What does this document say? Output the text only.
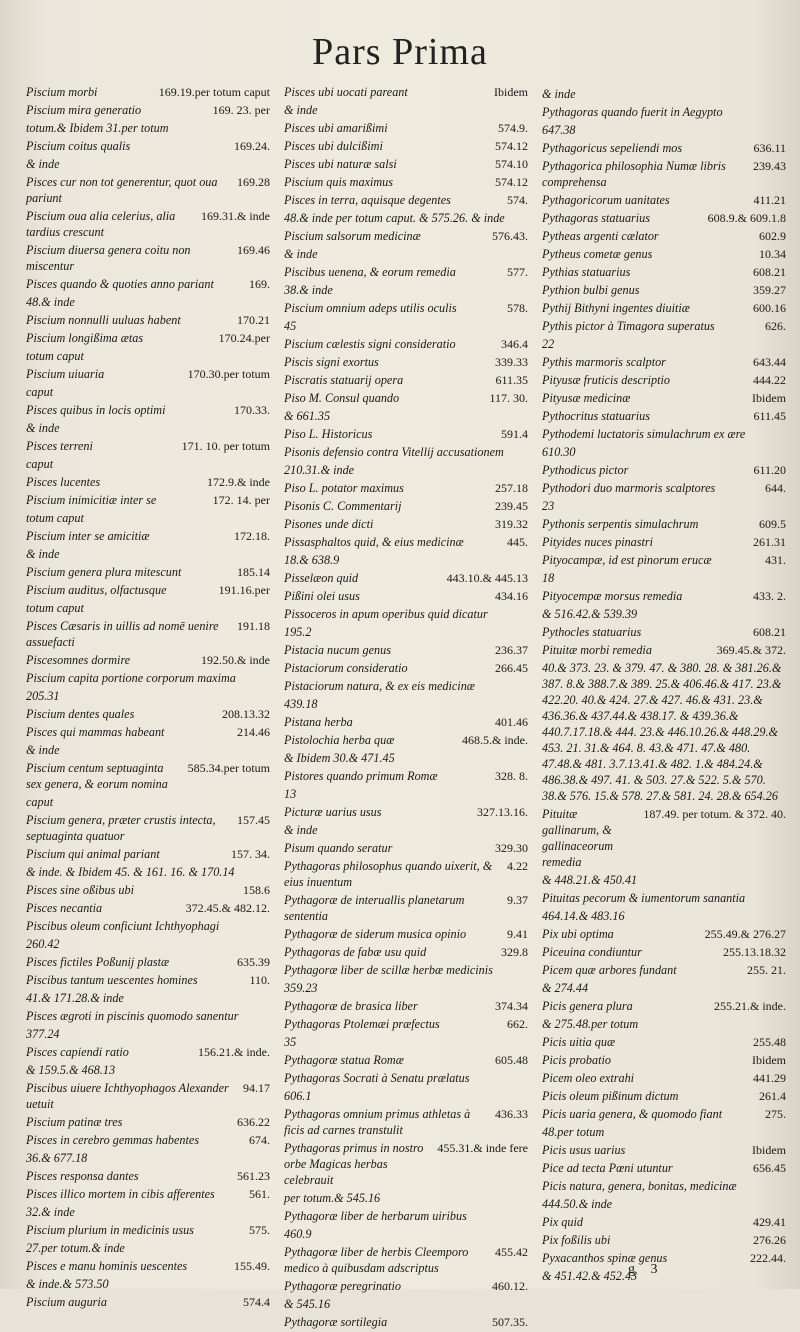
Pars Prima
Piscium morbi	169.19.per totum caput
Piscium mira generatio	169. 23. per
totum.& Ibidem 31.per totum
Piscium coitus qualis	169.24.
& inde
Pisces cur non tot generentur, quot oua pariunt
169.28
Piscium oua alia celerius, alia tardius crescunt
169.31.& inde
Piscium diuersa genera coitu non miscentur
169.46
Pisces quando & quoties anno pariant	169.
48.& inde
Piscium nonnulli uuluas habent	170.21
Piscium longißima ætas	170.24.per
totum caput
Piscium uiuaria	170.30.per totum
caput
Pisces quibus in locis optimi	170.33.
& inde
Pisces terreni	171. 10. per totum
caput
Pisces lucentes	172.9.& inde
Piscium inimicitiæ inter se	172. 14. per
totum caput
Piscium inter se amicitiæ	172.18.
& inde
Piscium genera plura mitescunt	185.14
Piscium auditus, olfactusque	191.16.per
totum caput
Pisces Cæsaris in uillis ad nomē uenire assuefacti
191.18
Piscesomnes dormire	192.50.& inde
Piscium capita portione corporum maxima
205.31
Piscium dentes quales	208.13.32
Pisces qui mammas habeant	214.46
& inde
Piscium centum septuaginta sex genera, & eorum nomina
585.34.per totum
caput
Piscium genera, præter crustis intecta, septuaginta quatuor
157.45
Piscium qui animal pariant	157. 34.
& inde. & Ibidem 45. & 161. 16. & 170.14
Pisces sine oßibus ubi	158.6
Pisces necantia	372.45.& 482.12.
Piscibus oleum conficiunt Ichthyophagi
260.42
Pisces fictiles Poßunij plastæ	635.39
Piscibus tantum uescentes homines	110.
41.& 171.28.& inde
Pisces ægroti in piscinis quomodo sanentur
377.24
Pisces capiendi ratio	156.21.& inde.
& 159.5.& 468.13
Piscibus uiuere Ichthyophagos Alexander uetuit
94.17
Piscium patinæ tres	636.22
Pisces in cerebro gemmas habentes	674.
36.& 677.18
Pisces responsa dantes	561.23
Pisces illico mortem in cibis afferentes	561.
32.& inde
Piscium plurium in medicinis usus	575.
27.per totum.& inde
Pisces e manu hominis uescentes	155.49.
& inde.& 573.50
Piscium auguria	574.4
Pisces ubi uocati pareant	Ibidem
& inde
Pisces ubi amarißimi	574.9.
Pisces ubi dulcißimi	574.12
Pisces ubi naturæ salsi	574.10
Piscium quis maximus	574.12
Pisces in terra, aquisque degentes	574.
48.& inde per totum caput. & 575.26. & inde
Piscium salsorum medicinæ	576.43.
& inde
Piscibus uenena, & eorum remedia	577.
38.& inde
Piscium omnium adeps utilis oculis	578.
45
Piscium cælestis signi consideratio	346.4
Piscis signi exortus	339.33
Piscratis statuarij opera	611.35
Piso M. Consul quando	117. 30.
& 661.35
Piso L. Historicus	591.4
Pisonis defensio contra Vitellij accusationem
210.31.& inde
Piso L. potator maximus	257.18
Pisonis C. Commentarij	239.45
Pisones unde dicti	319.32
Pissasphaltos quid, & eius medicinæ	445.
18.& 638.9
Pisselæon quid	443.10.& 445.13
Pißini olei usus	434.16
Pissoceros in apum operibus quid dicatur
195.2
Pistacia nucum genus	236.37
Pistaciorum consideratio	266.45
Pistaciorum natura, & ex eis medicinæ
439.18
Pistana herba	401.46
Pistolochia herba quæ	468.5.& inde.
& Ibidem 30.& 471.45
Pistores quando primum Romæ	328. 8.
13
Picturæ uarius usus	327.13.16.
& inde
Pisum quando seratur	329.30
Pythagoras philosophus quando uixerit, & eius inuentum
4.22
Pythagoræ de interuallis planetarum sententia
9.37
Pythagoræ de siderum musica opinio	9.41
Pythagoras de fabæ usu quid	329.8
Pythagoræ liber de scillæ herbæ medicinis
359.23
Pythagoræ de brasica liber	374.34
Pythagoras Ptolemæi præfectus	662.
35
Pythagoræ statua Romæ	605.48
Pythagoras Socrati à Senatu prælatus
606.1
Pythagoras omnium primus athletas à ficis ad carnes transtulit
436.33
Pythagoras primus in nostro orbe Magicas herbas celebrauit
455.31.& inde fere
per totum.& 545.16
Pythagoræ liber de herbarum uiribus
460.9
Pythagoræ liber de herbis Cleemporo medico à quibusdam adscriptus
455.42
Pythagoræ peregrinatio	460.12.
& 545.16
Pythagoræ sortilegia	507.35.
& inde
Pythagoras quando fuerit in Aegypto
647.38
Pythagoricus sepeliendi mos	636.11
Pythagorica philosophia Numæ libris comprehensa
239.43
Pythagoricorum uanitates	411.21
Pythagoras statuarius	608.9.& 609.1.8
Pytheas argenti cælator	602.9
Pytheus cometæ genus	10.34
Pythias statuarius	608.21
Pythion bulbi genus	359.27
Pythij Bithyni ingentes diuitiæ	600.16
Pythis pictor à Timagora superatus	626.
22
Pythis marmoris scalptor	643.44
Pityusæ fruticis descriptio	444.22
Pityusæ medicinæ	Ibidem
Pythocritus statuarius	611.45
Pythodemi luctatoris simulachrum ex ære
610.30
Pythodicus pictor	611.20
Pythodori duo marmoris scalptores	644.
23
Pythonis serpentis simulachrum	609.5
Pityides nuces pinastri	261.31
Pityocampæ, id est pinorum erucæ	431.
18
Pityocempæ morsus remedia	433. 2.
& 516.42.& 539.39
Pythocles statuarius	608.21
Pituitæ morbi remedia	369.45.& 372.
40.& 373. 23. & 379. 47. & 380. 28. & 381.26.& 387. 8.& 388.7.& 389. 25.& 406.46.& 417. 23.& 422.20. 40.& 424. 27.& 427. 46.& 431. 23.& 436.36.& 437.44.& 438.17. & 439.36.& 440.7.17.18.& 444. 23.& 446.10.26.& 448.29.& 453. 21. 31.& 464. 8. 43.& 471. 47.& 480. 47.48.& 481. 3.7.13.41.& 482. 1.& 484.24.& 486.38.& 497. 41. & 503. 27.& 522. 5.& 570. 38.& 576. 15.& 578. 27.& 581. 24. 28.& 654.26
Pituitæ gallinarum, & gallinaceorum remedia
187.49. per totum. & 372. 40.
& 448.21.& 450.41
Pituitas pecorum & iumentorum sanantia
464.14.& 483.16
Pix ubi optima	255.49.& 276.27
Piceuina condiuntur	255.13.18.32
Picem quæ arbores fundant	255. 21.
& 274.44
Picis genera plura	255.21.& inde.
& 275.48.per totum
Picis uitia quæ	255.48
Picis probatio	Ibidem
Picem oleo extrahi	441.29
Picis oleum pißinum dictum	261.4
Picis uaria genera, & quomodo fiant	275.
48.per totum
Picis usus uarius	Ibidem
Pice ad tecta Pœni utuntur	656.45
Picis natura, genera, bonitas, medicinæ
444.50.& inde
Pix quid	429.41
Pix foßilis ubi	276.26
Pyxacanthos spinæ genus	222.44.
& 451.42.& 452.43
g 3
